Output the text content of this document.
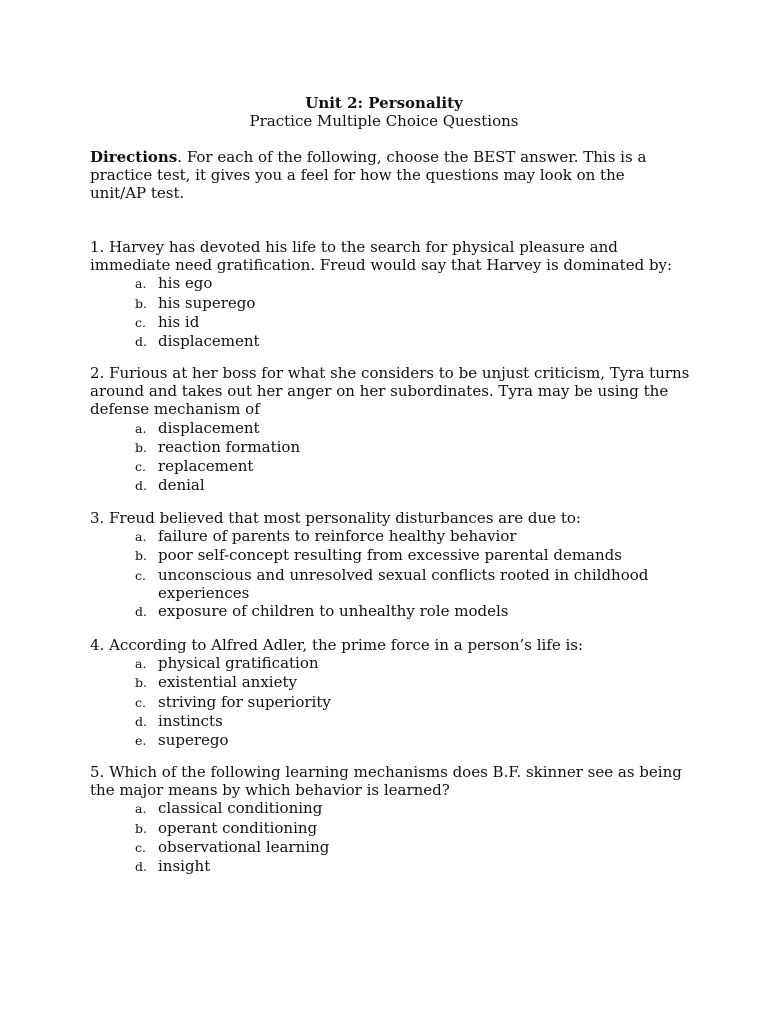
Unit 2: Personality
Practice Multiple Choice Questions
Directions. For each of the following, choose the BEST answer. This is a practice test, it gives you a feel for how the questions may look on the unit/AP test.

1. Harvey has devoted his life to the search for physical pleasure and immediate need gratification. Freud would say that Harvey is dominated by:

a. his ego
b. his superego
c. his id
d. displacement

2. Furious at her boss for what she considers to be unjust criticism, Tyra turns around and takes out her anger on her subordinates. Tyra may be using the defense mechanism of

a. displacement
b. reaction formation
c. replacement
d. denial

3. Freud believed that most personality disturbances are due to:

a. failure of parents to reinforce healthy behavior
b. poor self-concept resulting from excessive parental demands
c. unconscious and unresolved sexual conflicts rooted in childhood experiences
d. exposure of children to unhealthy role models

4. According to Alfred Adler, the prime force in a person’s life is:

a. physical gratification
b. existential anxiety
c. striving for superiority
d. instincts
e. superego

5. Which of the following learning mechanisms does B.F. skinner see as being the major means by which behavior is learned?

a. classical conditioning
b. operant conditioning
c. observational learning
d. insight
